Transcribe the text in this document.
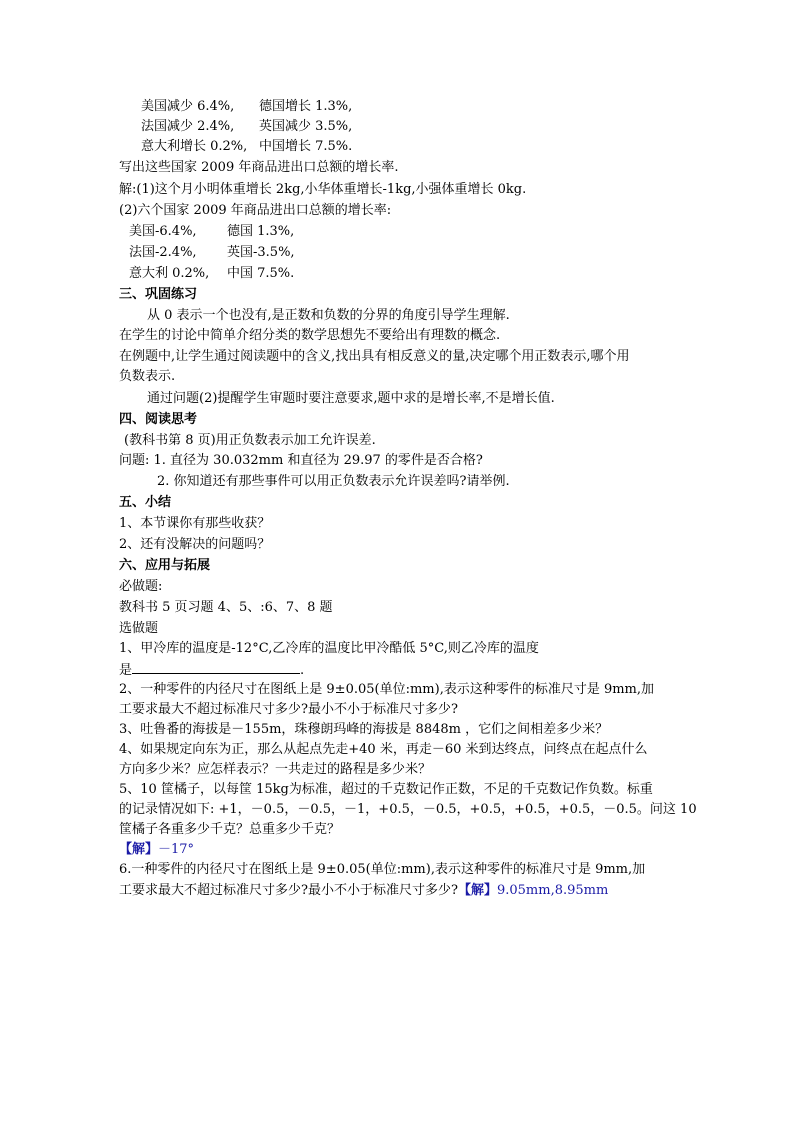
美国减少 6.4%, 德国增长 1.3%,
法国减少 2.4%, 英国减少 3.5%,
意大利增长 0.2%, 中国增长 7.5%.
写出这些国家 2009 年商品进出口总额的增长率.
解:(1)这个月小明体重增长 2kg,小华体重增长-1kg,小强体重增长 0kg.
(2)六个国家 2009 年商品进出口总额的增长率:
美国-6.4%, 德国 1.3%,
法国-2.4%, 英国-3.5%,
意大利 0.2%, 中国 7.5%.
三、巩固练习
从 0 表示一个也没有,是正数和负数的分界的角度引导学生理解.
在学生的讨论中简单介绍分类的数学思想先不要给出有理数的概念.
在例题中,让学生通过阅读题中的含义,找出具有相反意义的量,决定哪个用正数表示,哪个用
负数表示.
通过问题(2)提醒学生审题时要注意要求,题中求的是增长率,不是增长值.
四、阅读思考
(教科书第 8 页)用正负数表示加工允许误差.
问题: 1. 直径为 30.032mm 和直径为 29.97 的零件是否合格?
2. 你知道还有那些事件可以用正负数表示允许误差吗?请举例.
五、小结
1、本节课你有那些收获？
2、还有没解决的问题吗？
六、应用与拓展
必做题:
教科书 5 页习题 4、5、:6、7、8 题
选做题
1、甲冷库的温度是-12°C,乙冷库的温度比甲冷酷低 5°C,则乙冷库的温度
是	.
2、一种零件的内径尺寸在图纸上是 9±0.05(单位:mm),表示这种零件的标准尺寸是 9mm,加
工要求最大不超过标准尺寸多少?最小不小于标准尺寸多少?
3、吐鲁番的海拔是－155m，珠穆朗玛峰的海拔是 8848m ，它们之间相差多少米？
4、如果规定向东为正，那么从起点先走+40 米，再走－60 米到达终点，问终点在起点什么
方向多少米？应怎样表示？一共走过的路程是多少米？
5、10 筐橘子，以每筐 15kg为标准，超过的千克数记作正数，不足的千克数记作负数。标重
的记录情况如下: +1，－0.5，－0.5，－1，+0.5，－0.5，+0.5，+0.5，+0.5，－0.5。问这 10
筐橘子各重多少千克？总重多少千克？
【解】－17°
6.一种零件的内径尺寸在图纸上是 9±0.05(单位:mm),表示这种零件的标准尺寸是 9mm,加
工要求最大不超过标准尺寸多少?最小不小于标准尺寸多少?【解】9.05mm,8.95mm
